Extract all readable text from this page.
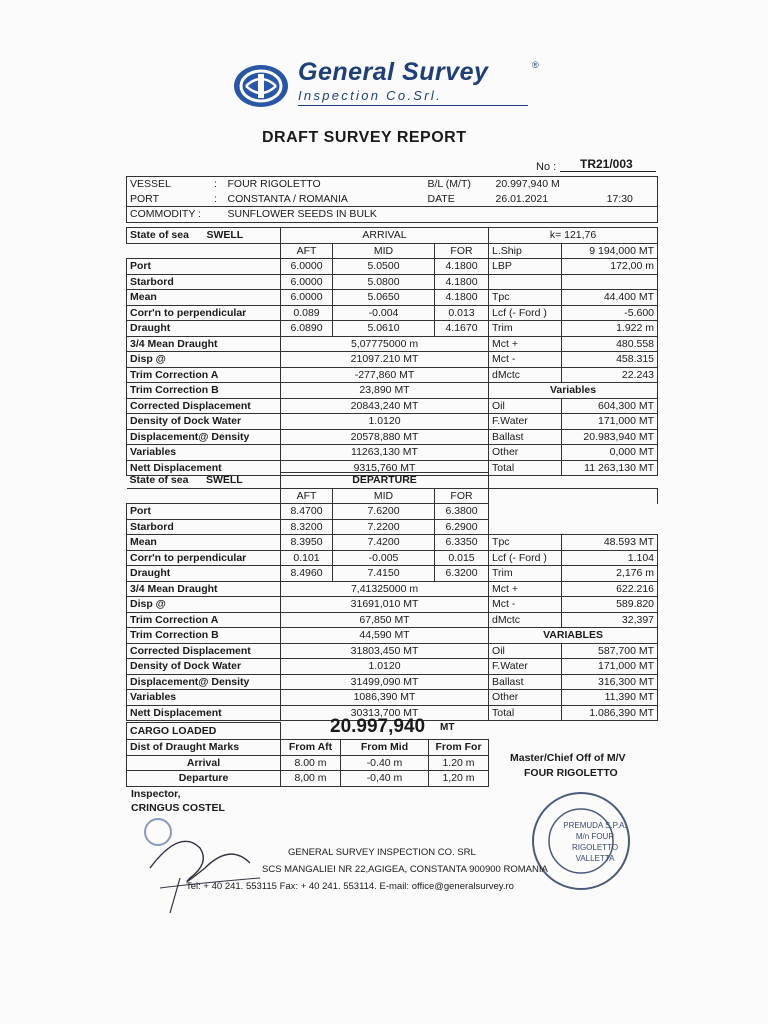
General Survey	®
Inspection Co.Srl.
DRAFT SURVEY REPORT
No : TR21/003
VESSEL	:	FOUR RIGOLETTO	B/L (M/T)	20.997,940 M	
PORT	:	CONSTANTA / ROMANIA	DATE	26.01.2021	17:30
COMMODITY :		SUNFLOWER SEEDS IN BULK			
State of sea SWELL	ARRIVAL			k= 121,76	
	AFT	MID	FOR	L.Ship	9 194,000 MT
Port	6.0000	5.0500	4.1800	LBP	172,00 m
Starbord	6.0000	5.0800	4.1800		
Mean	6.0000	5.0650	4.1800	Tpc	44.400 MT
Corr'n to perpendicular	0.089	-0.004	0.013	Lcf (- Ford )	-5.600
Draught	6.0890	5.0610	4.1670	Trim	1.922 m
3/4 Mean Draught	5,07775000 m			Mct +	480.558
Disp @	21097.210 MT			Mct -	458.315
Trim Correction A	-277,860 MT			dMctc	22.243
Trim Correction B	23,890 MT			Variables	
Corrected Displacement	20843,240 MT			Oil	604,300 MT
Density of Dock Water	1.0120			F.Water	171,000 MT
Displacement@ Density	20578,880 MT			Ballast	20.983,940 MT
Variables	11263,130 MT			Other	0,000 MT
Nett Displacement	9315,760 MT			Total	11 263,130 MT
State of sea SWELL	DEPARTURE				
	AFT	MID	FOR		
Port	8.4700	7.6200	6.3800		
Starbord	8.3200	7.2200	6.2900		
Mean	8.3950	7.4200	6.3350	Tpc	48.593 MT
Corr'n to perpendicular	0.101	-0.005	0.015	Lcf (- Ford )	1.104
Draught	8.4960	7.4150	6.3200	Trim	2,176 m
3/4 Mean Draught	7,41325000 m			Mct +	622.216
Disp @	31691,010 MT			Mct -	589.820
Trim Correction A	67,850 MT			dMctc	32,397
Trim Correction B	44,590 MT			VARIABLES	
Corrected Displacement	31803,450 MT			Oil	587,700 MT
Density of Dock Water	1.0120			F.Water	171,000 MT
Displacement@ Density	31499,090 MT			Ballast	316,300 MT
Variables	1086,390 MT			Other	11,390 MT
Nett Displacement	30313,700 MT			Total	1.086,390 MT
CARGO LOADED			
Dist of Draught Marks	From Aft	From Mid	From For
Arrival	8.00 m	-0.40 m	1.20 m
Departure	8,00 m	-0,40 m	1,20 m
20.997,940 MT
Master/Chief Off of M/V
FOUR RIGOLETTO
Inspector,
CRINGUS COSTEL
PREMUDA S.P.A.
M/n FOUR RIGOLETTO VALLETTA
GENERAL SURVEY INSPECTION CO. SRL
SCS MANGALIEI NR 22,AGIGEA, CONSTANTA 900900 ROMANIA
Tel: + 40 241. 553115 Fax: + 40 241. 553114. E-mail: office@generalsurvey.ro
